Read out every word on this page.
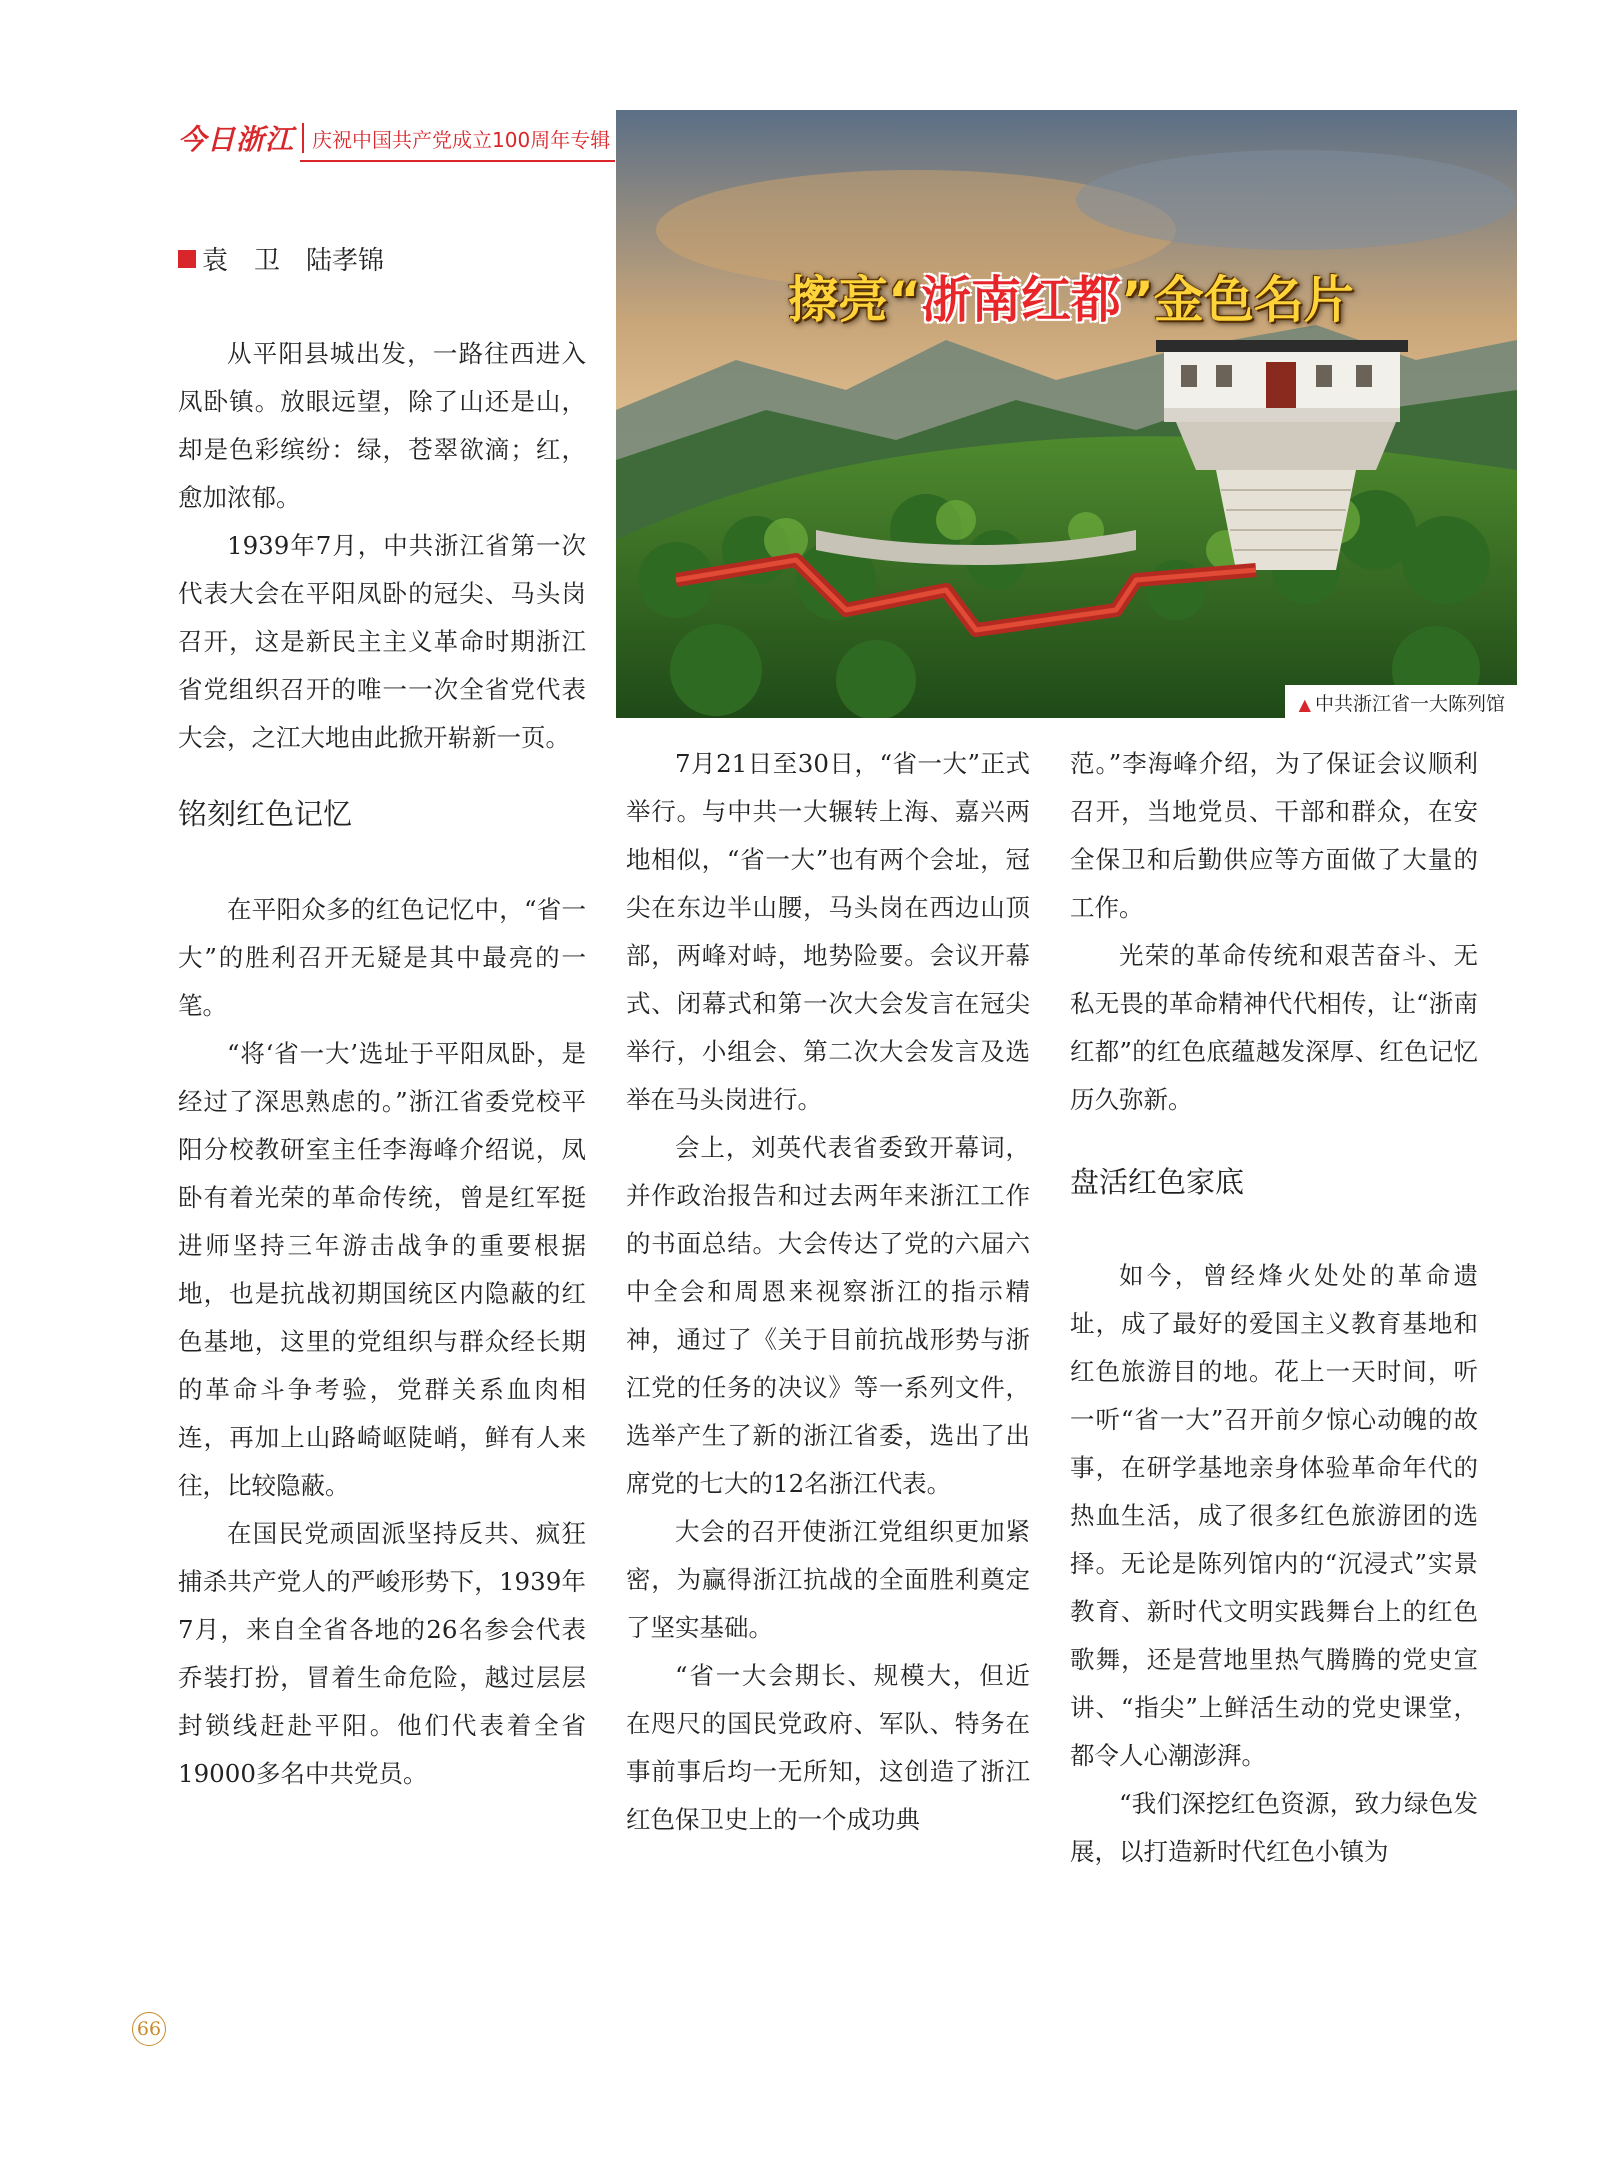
今日浙江 庆祝中国共产党成立100周年专辑
袁　卫　陆孝锦
擦亮“浙南红都”金色名片
▲ 中共浙江省一大陈列馆

从平阳县城出发，一路往西进入凤卧镇。放眼远望，除了山还是山，却是色彩缤纷：绿，苍翠欲滴；红，愈加浓郁。

1939年7月，中共浙江省第一次代表大会在平阳凤卧的冠尖、马头岗召开，这是新民主主义革命时期浙江省党组织召开的唯一一次全省党代表大会，之江大地由此掀开崭新一页。

铭刻红色记忆

在平阳众多的红色记忆中，“省一大”的胜利召开无疑是其中最亮的一笔。

“将‘省一大’选址于平阳凤卧，是经过了深思熟虑的。”浙江省委党校平阳分校教研室主任李海峰介绍说，凤卧有着光荣的革命传统，曾是红军挺进师坚持三年游击战争的重要根据地，也是抗战初期国统区内隐蔽的红色基地，这里的党组织与群众经长期的革命斗争考验，党群关系血肉相连，再加上山路崎岖陡峭，鲜有人来往，比较隐蔽。

在国民党顽固派坚持反共、疯狂捕杀共产党人的严峻形势下，1939年7月，来自全省各地的26名参会代表乔装打扮，冒着生命危险，越过层层封锁线赶赴平阳。他们代表着全省19000多名中共党员。

7月21日至30日，“省一大”正式举行。与中共一大辗转上海、嘉兴两地相似，“省一大”也有两个会址，冠尖在东边半山腰，马头岗在西边山顶部，两峰对峙，地势险要。会议开幕式、闭幕式和第一次大会发言在冠尖举行，小组会、第二次大会发言及选举在马头岗进行。

会上，刘英代表省委致开幕词，并作政治报告和过去两年来浙江工作的书面总结。大会传达了党的六届六中全会和周恩来视察浙江的指示精神，通过了《关于目前抗战形势与浙江党的任务的决议》等一系列文件，选举产生了新的浙江省委，选出了出席党的七大的12名浙江代表。

大会的召开使浙江党组织更加紧密，为赢得浙江抗战的全面胜利奠定了坚实基础。

“省一大会期长、规模大，但近在咫尺的国民党政府、军队、特务在事前事后均一无所知，这创造了浙江红色保卫史上的一个成功典

范。”李海峰介绍，为了保证会议顺利召开，当地党员、干部和群众，在安全保卫和后勤供应等方面做了大量的工作。

光荣的革命传统和艰苦奋斗、无私无畏的革命精神代代相传，让“浙南红都”的红色底蕴越发深厚、红色记忆历久弥新。

盘活红色家底

如今，曾经烽火处处的革命遗址，成了最好的爱国主义教育基地和红色旅游目的地。花上一天时间，听一听“省一大”召开前夕惊心动魄的故事，在研学基地亲身体验革命年代的热血生活，成了很多红色旅游团的选择。无论是陈列馆内的“沉浸式”实景教育、新时代文明实践舞台上的红色歌舞，还是营地里热气腾腾的党史宣讲、“指尖”上鲜活生动的党史课堂，都令人心潮澎湃。

“我们深挖红色资源，致力绿色发展，以打造新时代红色小镇为

66
